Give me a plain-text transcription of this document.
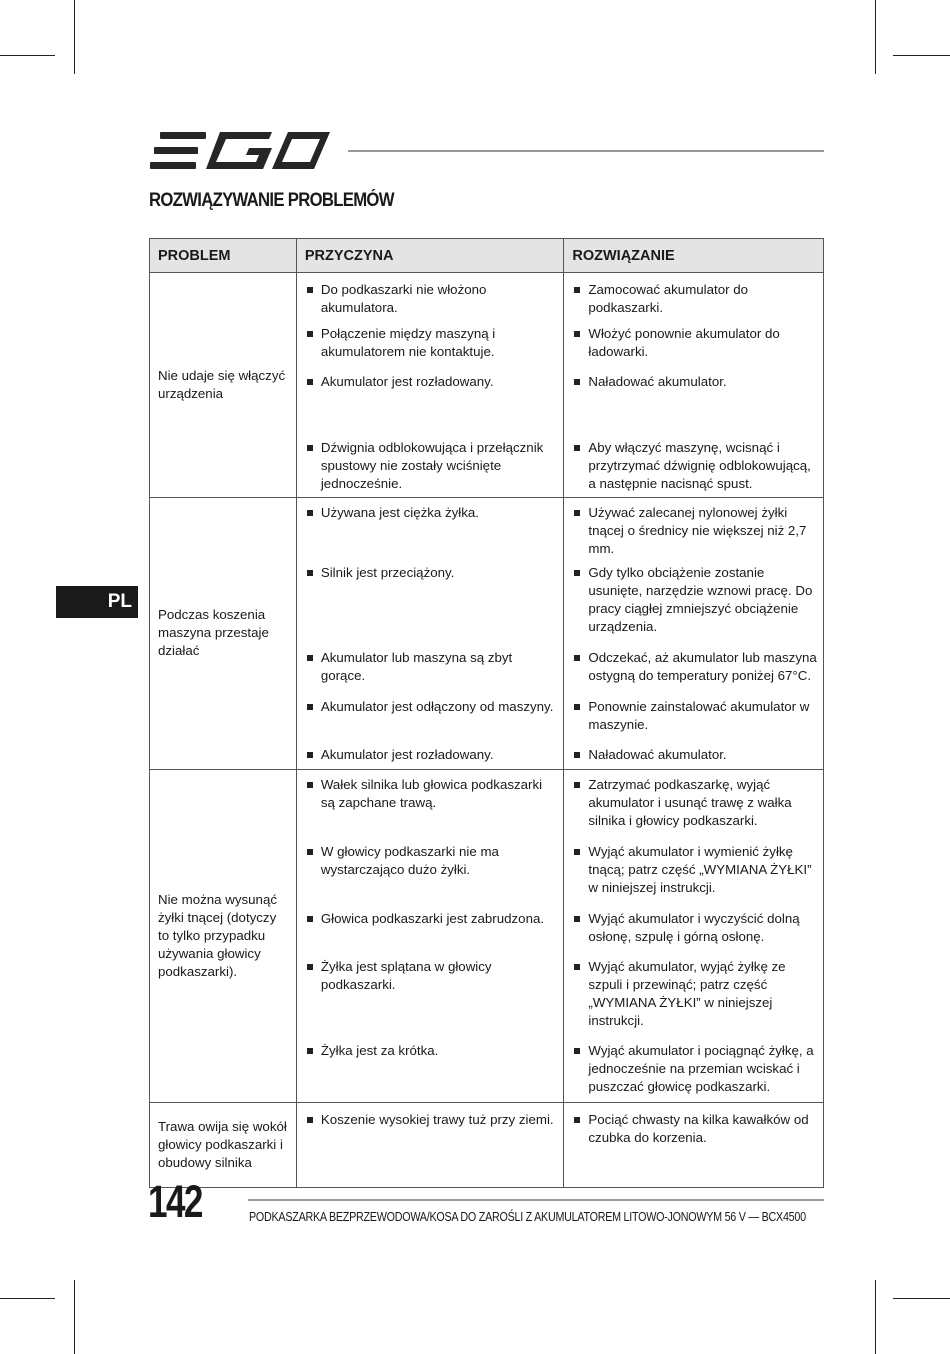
ROZWIĄZYWANIE PROBLEMÓW
PL
PROBLEM	PRZYCZYNA	ROZWIĄZANIE
Nie udaje się włączyć urządzenia	Do podkaszarki nie włożono akumulatora.	Zamocować akumulator do podkaszarki.

	Połączenie między maszyną i akumulatorem nie kontaktuje.	Włożyć ponownie akumulator do ładowarki.

	Akumulator jest rozładowany.	Naładować akumulator.

	Dźwignia odblokowująca i przełącznik spustowy nie zostały wciśnięte jednocześnie.	Aby włączyć maszynę, wcisnąć i przytrzymać dźwignię odblokowującą, a następnie nacisnąć spust.

Podczas koszenia maszyna przestaje działać	Używana jest ciężka żyłka.	Używać zalecanej nylonowej żyłki tnącej o średnicy nie większej niż 2,7 mm.

	Silnik jest przeciążony.	Gdy tylko obciążenie zostanie usunięte, narzędzie wznowi pracę. Do pracy ciągłej zmniejszyć obciążenie urządzenia.

	Akumulator lub maszyna są zbyt gorące.	Odczekać, aż akumulator lub maszyna ostygną do temperatury poniżej 67°C.

	Akumulator jest odłączony od maszyny.	Ponownie zainstalować akumulator w maszynie.

	Akumulator jest rozładowany.	Naładować akumulator.

Nie można wysunąć żyłki tnącej (dotyczy to tylko przypadku używania głowicy podkaszarki).	Wałek silnika lub głowica podkaszarki są zapchane trawą.	Zatrzymać podkaszarkę, wyjąć akumulator i usunąć trawę z wałka silnika i głowicy podkaszarki.

	W głowicy podkaszarki nie ma wystarczająco dużo żyłki.	Wyjąć akumulator i wymienić żyłkę tnącą; patrz część „WYMIANA ŻYŁKI” w niniejszej instrukcji.

	Głowica podkaszarki jest zabrudzona.	Wyjąć akumulator i wyczyścić dolną osłonę, szpulę i górną osłonę.

	Żyłka jest splątana w głowicy podkaszarki.	Wyjąć akumulator, wyjąć żyłkę ze szpuli i przewinąć; patrz część „WYMIANA ŻYŁKI” w niniejszej instrukcji.

	Żyłka jest za krótka.	Wyjąć akumulator i pociągnąć żyłkę, a jednocześnie na przemian wciskać i puszczać głowicę podkaszarki.

Trawa owija się wokół głowicy podkaszarki i obudowy silnika	Koszenie wysokiej trawy tuż przy ziemi.	Pociąć chwasty na kilka kawałków od czubka do korzenia.
142	PODKASZARKA BEZPRZEWODOWA/KOSA DO ZAROŚLI Z AKUMULATOREM LITOWO-JONOWYM 56 V — BCX4500
